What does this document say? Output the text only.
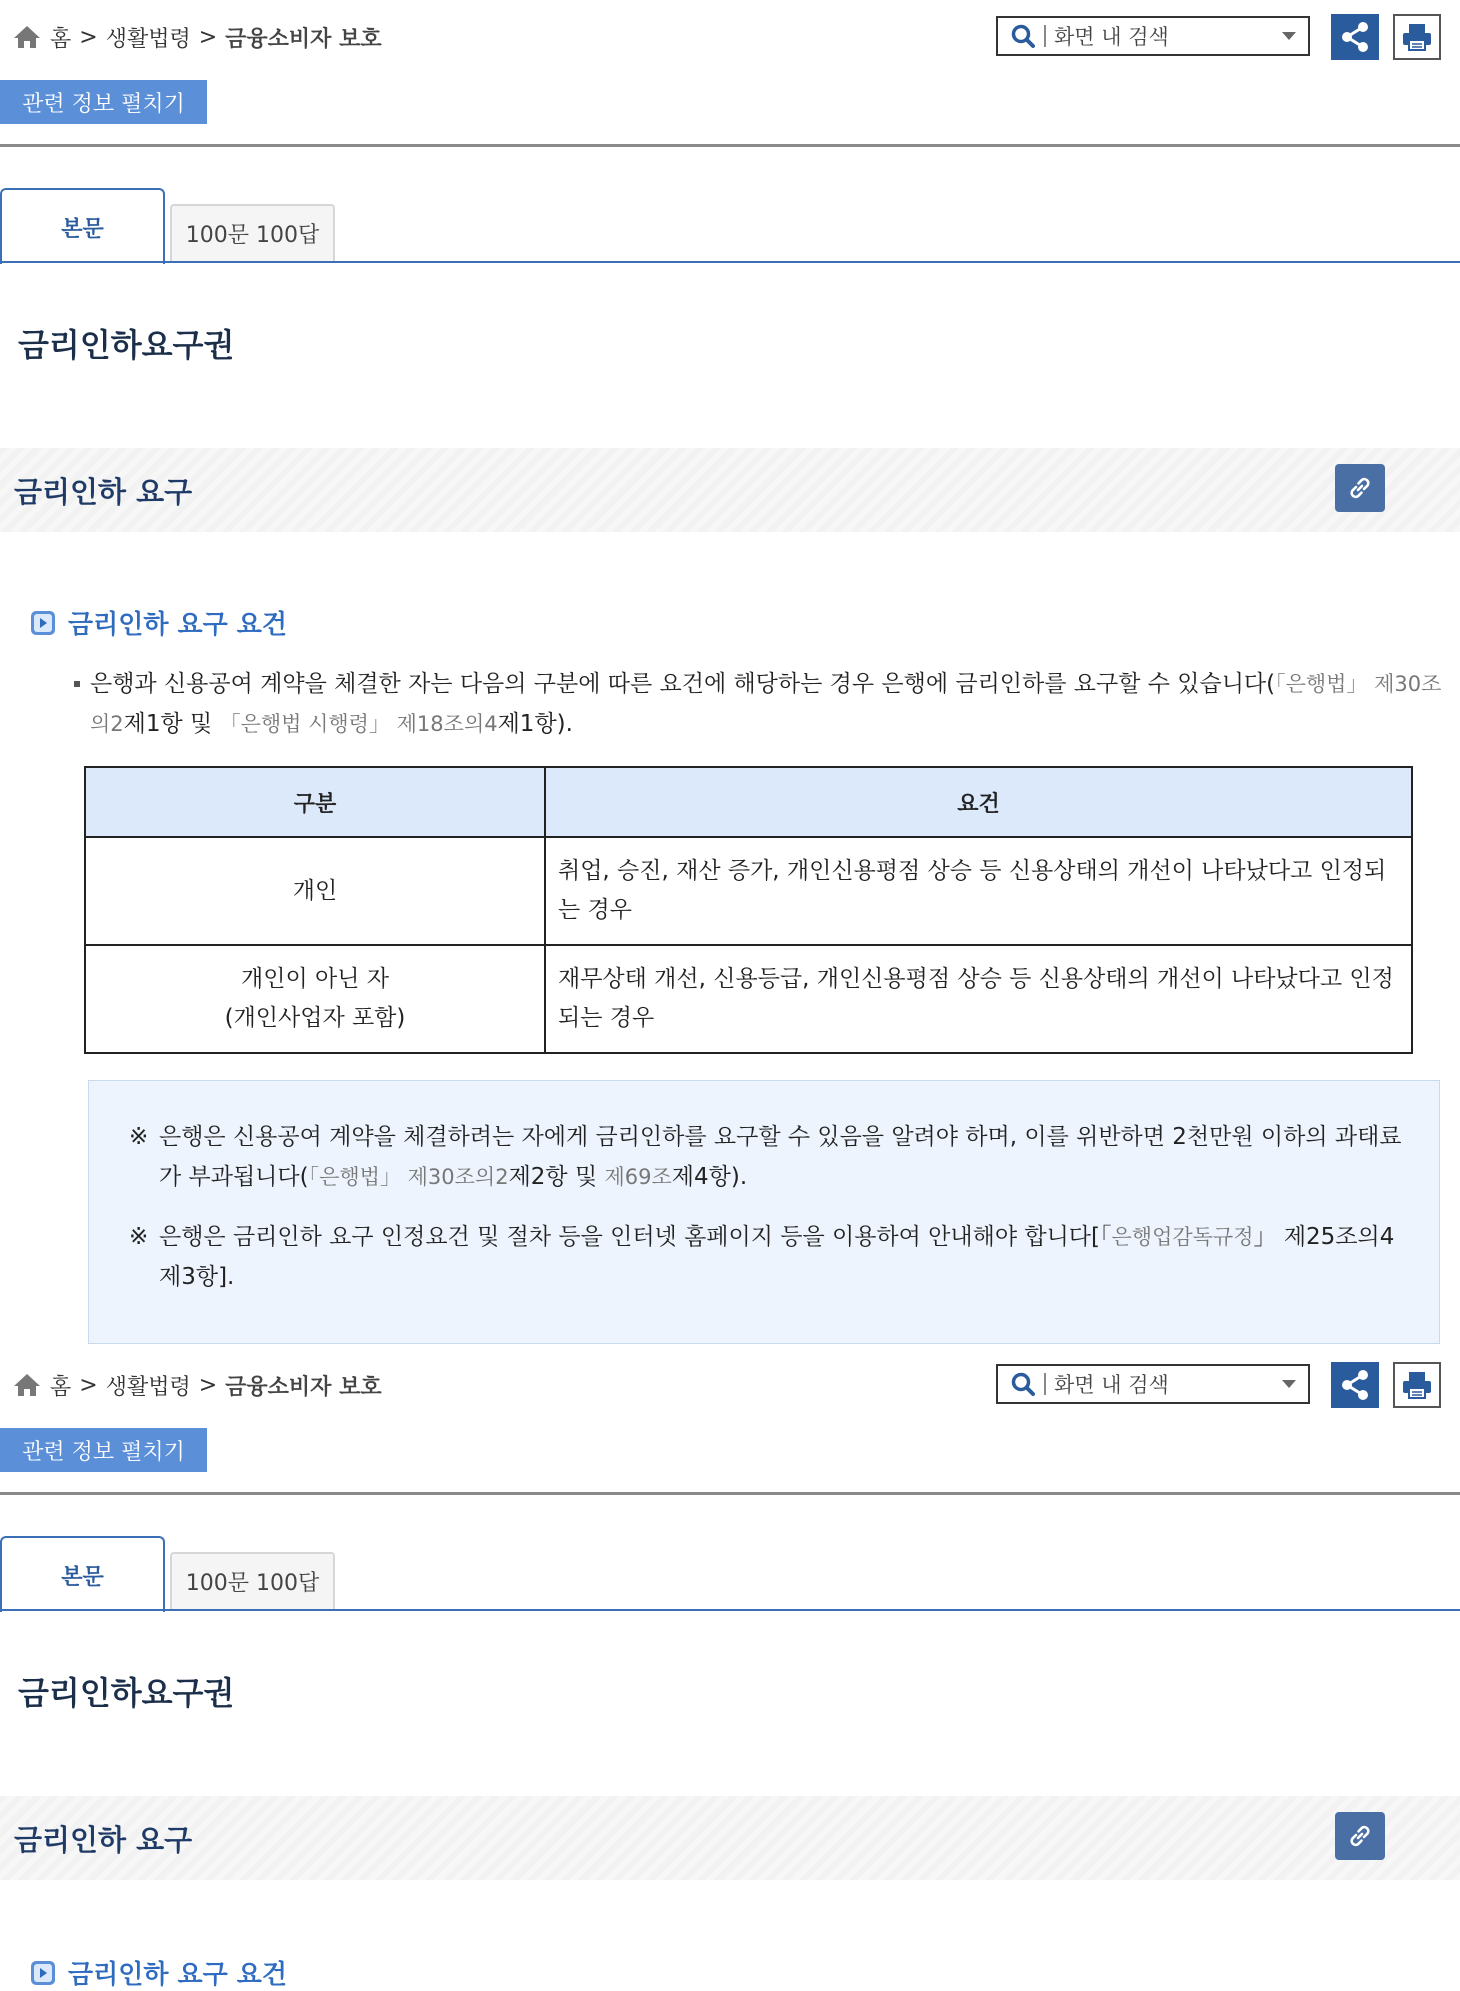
홈 > 생활법령 > 금융소비자 보호	화면 내 검색
관련 정보 펼치기
본문	100문 100답
금리인하요구권
금리인하 요구
금리인하 요구 요건
은행과 신용공여 계약을 체결한 자는 다음의 구분에 따른 요건에 해당하는 경우 은행에 금리인하를 요구할 수 있습니다(「은행법」 제30조의2제1항 및 「은행법 시행령」 제18조의4제1항).
구분	요건
개인	취업, 승진, 재산 증가, 개인신용평점 상승 등 신용상태의 개선이 나타났다고 인정되는 경우
개인이 아닌 자
(개인사업자 포함)	재무상태 개선, 신용등급, 개인신용평점 상승 등 신용상태의 개선이 나타났다고 인정되는 경우
※ 은행은 신용공여 계약을 체결하려는 자에게 금리인하를 요구할 수 있음을 알려야 하며, 이를 위반하면 2천만원 이하의 과태료가 부과됩니다(「은행법」 제30조의2제2항 및 제69조제4항).
※ 은행은 금리인하 요구 인정요건 및 절차 등을 인터넷 홈페이지 등을 이용하여 안내해야 합니다[「은행업감독규정」 제25조의4 제3항].
홈 > 생활법령 > 금융소비자 보호	화면 내 검색
관련 정보 펼치기
본문	100문 100답
금리인하요구권
금리인하 요구
금리인하 요구 요건
